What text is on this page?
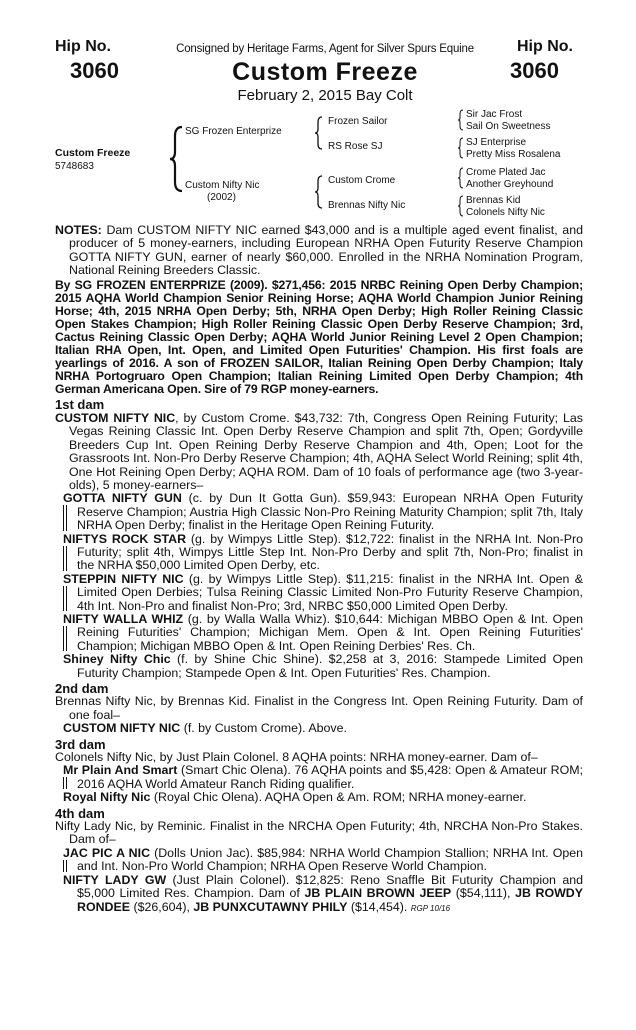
Hip No.
3060
Hip No.
3060
Consigned by Heritage Farms, Agent for Silver Spurs Equine
Custom Freeze
February 2, 2015 Bay Colt
Custom Freeze
5748683
SG Frozen Enterprize
Custom Nifty Nic
(2002)
Frozen Sailor
RS Rose SJ
Custom Crome
Brennas Nifty Nic
Sir Jac Frost
Sail On Sweetness
SJ Enterprise
Pretty Miss Rosalena
Crome Plated Jac
Another Greyhound
Brennas Kid
Colonels Nifty Nic

NOTES: Dam CUSTOM NIFTY NIC earned $43,000 and is a multiple aged event finalist, and producer of 5 money-earners, including European NRHA Open Futurity Reserve Champion GOTTA NIFTY GUN, earner of nearly $60,000. Enrolled in the NRHA Nomination Program, National Reining Breeders Classic.

By SG FROZEN ENTERPRIZE (2009). $271,456: 2015 NRBC Reining Open Derby Champion; 2015 AQHA World Champion Senior Reining Horse; AQHA World Champion Junior Reining Horse; 4th, 2015 NRHA Open Derby; 5th, NRHA Open Derby; High Roller Reining Classic Open Stakes Champion; High Roller Reining Classic Open Derby Reserve Champion; 3rd, Cactus Reining Classic Open Derby; AQHA World Junior Reining Level 2 Open Champion; Italian RHA Open, Int. Open, and Limited Open Futurities' Champion. His first foals are yearlings of 2016. A son of FROZEN SAILOR, Italian Reining Open Derby Champion; Italy NRHA Portogruaro Open Champion; Italian Reining Limited Open Derby Champion; 4th German Americana Open. Sire of 79 RGP money-earners.

1st dam

CUSTOM NIFTY NIC, by Custom Crome. $43,732: 7th, Congress Open Reining Futurity; Las Vegas Reining Classic Int. Open Derby Reserve Champion and split 7th, Open; Gordyville Breeders Cup Int. Open Reining Derby Reserve Champion and 4th, Open; Loot for the Grassroots Int. Non-Pro Derby Reserve Champion; 4th, AQHA Select World Reining; split 4th, One Hot Reining Open Derby; AQHA ROM. Dam of 10 foals of performance age (two 3-year-olds), 5 money-earners–

GOTTA NIFTY GUN (c. by Dun It Gotta Gun). $59,943: European NRHA Open Futurity Reserve Champion; Austria High Classic Non-Pro Reining Maturity Champion; split 7th, Italy NRHA Open Derby; finalist in the Heritage Open Reining Futurity.

NIFTYS ROCK STAR (g. by Wimpys Little Step). $12,722: finalist in the NRHA Int. Non-Pro Futurity; split 4th, Wimpys Little Step Int. Non-Pro Derby and split 7th, Non-Pro; finalist in the NRHA $50,000 Limited Open Derby, etc.

STEPPIN NIFTY NIC (g. by Wimpys Little Step). $11,215: finalist in the NRHA Int. Open & Limited Open Derbies; Tulsa Reining Classic Limited Non-Pro Futurity Reserve Champion, 4th Int. Non-Pro and finalist Non-Pro; 3rd, NRBC $50,000 Limited Open Derby.

NIFTY WALLA WHIZ (g. by Walla Walla Whiz). $10,644: Michigan MBBO Open & Int. Open Reining Futurities' Champion; Michigan Mem. Open & Int. Open Reining Futurities' Champion; Michigan MBBO Open & Int. Open Reining Derbies' Res. Ch.

Shiney Nifty Chic (f. by Shine Chic Shine). $2,258 at 3, 2016: Stampede Limited Open Futurity Champion; Stampede Open & Int. Open Futurities' Res. Champion.

2nd dam

Brennas Nifty Nic, by Brennas Kid. Finalist in the Congress Int. Open Reining Futurity. Dam of one foal–

CUSTOM NIFTY NIC (f. by Custom Crome). Above.

3rd dam

Colonels Nifty Nic, by Just Plain Colonel. 8 AQHA points: NRHA money-earner. Dam of–

Mr Plain And Smart (Smart Chic Olena). 76 AQHA points and $5,428: Open & Amateur ROM; 2016 AQHA World Amateur Ranch Riding qualifier.

Royal Nifty Nic (Royal Chic Olena). AQHA Open & Am. ROM; NRHA money-earner.

4th dam

Nifty Lady Nic, by Reminic. Finalist in the NRCHA Open Futurity; 4th, NRCHA Non-Pro Stakes. Dam of–

JAC PIC A NIC (Dolls Union Jac). $85,984: NRHA World Champion Stallion; NRHA Int. Open and Int. Non-Pro World Champion; NRHA Open Reserve World Champion.

NIFTY LADY GW (Just Plain Colonel). $12,825: Reno Snaffle Bit Futurity Champion and $5,000 Limited Res. Champion. Dam of JB PLAIN BROWN JEEP ($54,111), JB ROWDY RONDEE ($26,604), JB PUNXCUTAWNY PHILY ($14,454). RGP 10/16
